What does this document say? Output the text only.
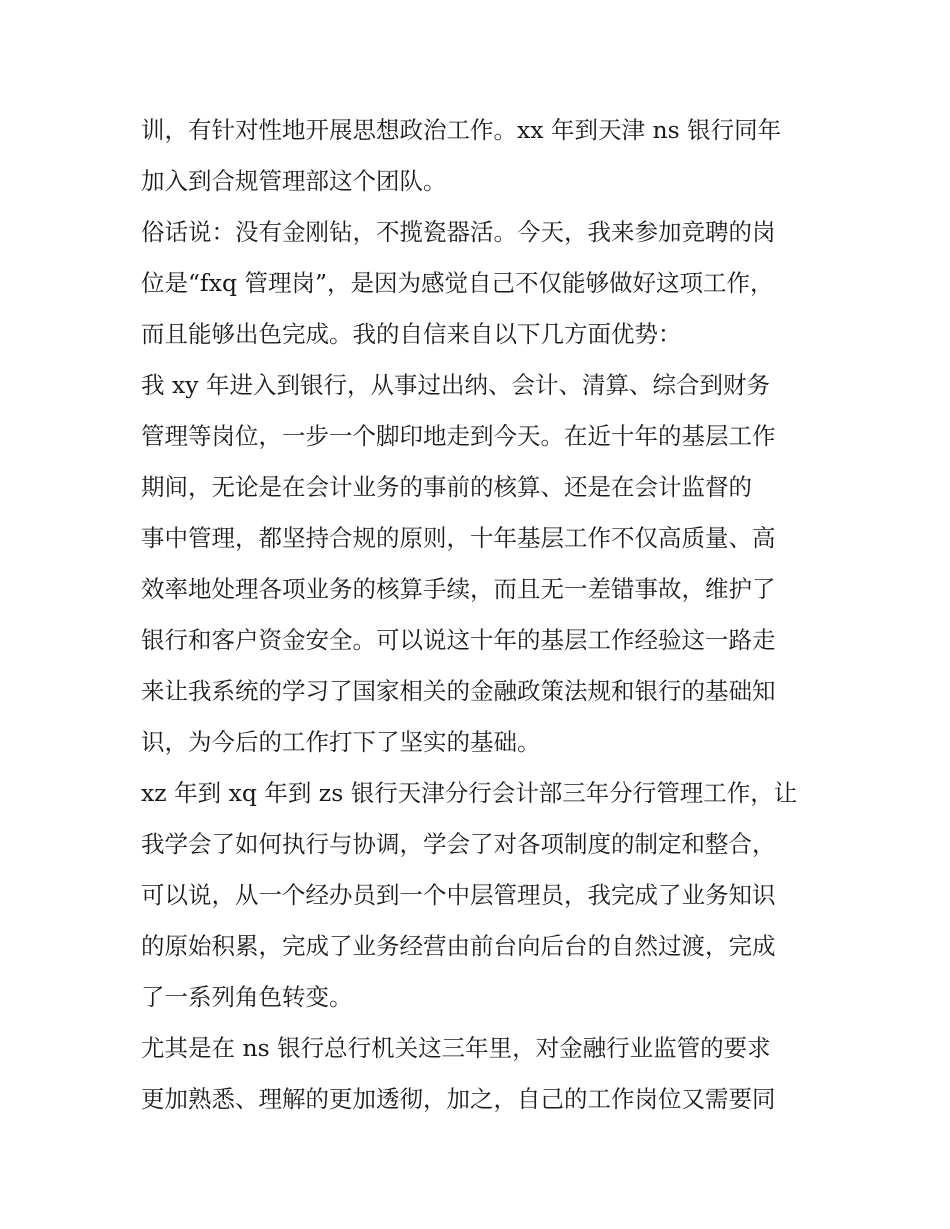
训，有针对性地开展思想政治工作。xx 年到天津 ns 银行同年
加入到合规管理部这个团队。
俗话说：没有金刚钻，不揽瓷器活。今天，我来参加竞聘的岗
位是“fxq 管理岗”，是因为感觉自己不仅能够做好这项工作，
而且能够出色完成。我的自信来自以下几方面优势：
我 xy 年进入到银行，从事过出纳、会计、清算、综合到财务
管理等岗位，一步一个脚印地走到今天。在近十年的基层工作
期间，无论是在会计业务的事前的核算、还是在会计监督的
事中管理，都坚持合规的原则，十年基层工作不仅高质量、高
效率地处理各项业务的核算手续，而且无一差错事故，维护了
银行和客户资金安全。可以说这十年的基层工作经验这一路走
来让我系统的学习了国家相关的金融政策法规和银行的基础知
识，为今后的工作打下了坚实的基础。
xz 年到 xq 年到 zs 银行天津分行会计部三年分行管理工作，让
我学会了如何执行与协调，学会了对各项制度的制定和整合，
可以说，从一个经办员到一个中层管理员，我完成了业务知识
的原始积累，完成了业务经营由前台向后台的自然过渡，完成
了一系列角色转变。
尤其是在 ns 银行总行机关这三年里，对金融行业监管的要求
更加熟悉、理解的更加透彻，加之，自己的工作岗位又需要同
